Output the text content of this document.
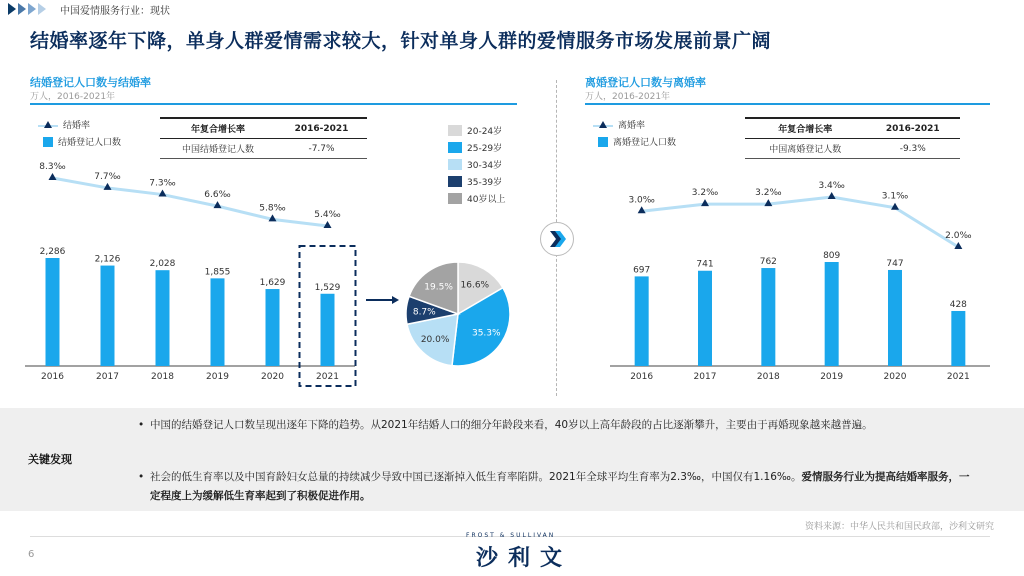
中国爱情服务行业：现状
结婚率逐年下降，单身人群爱情需求较大，针对单身人群的爱情服务市场发展前景广阔
结婚登记人口数与结婚率
万人，2016-2021年
离婚登记人口数与离婚率
万人，2016-2021年
结婚率
结婚登记人口数
年复合增长率	2016-2021
中国结婚登记人数	-7.7%
离婚率
离婚登记人口数
年复合增长率	2016-2021
中国离婚登记人数	-9.3%
20-24岁
25-29岁
30-34岁
35-39岁
40岁以上
2,286
2016
2,126
2017
2,028
2018
1,855
2019
1,629
2020
1,529
2021
8.3‰
7.7‰
7.3‰
6.6‰
5.8‰
5.4‰
697
2016
741
2017
762
2018
809
2019
747
2020
428
2021
3.0‰
3.2‰	3.2‰
3.4‰
3.1‰
2.0‰
16.6%
35.3%
20.0%
8.7%
19.5%
关键发现
• 中国的结婚登记人口数呈现出逐年下降的趋势。从2021年结婚人口的细分年龄段来看，40岁以上高年龄段的占比逐渐攀升，主要由于再婚现象越来越普遍。
• 社会的低生育率以及中国育龄妇女总量的持续减少导致中国已逐渐掉入低生育率陷阱。2021年全球平均生育率为2.3‰，中国仅有1.16‰。爱情服务行业为提高结婚率服务，一定程度上为缓解低生育率起到了积极促进作用。
资料来源：中华人民共和国民政部，沙利文研究
6
FROST & SULLIVAN
沙利文
